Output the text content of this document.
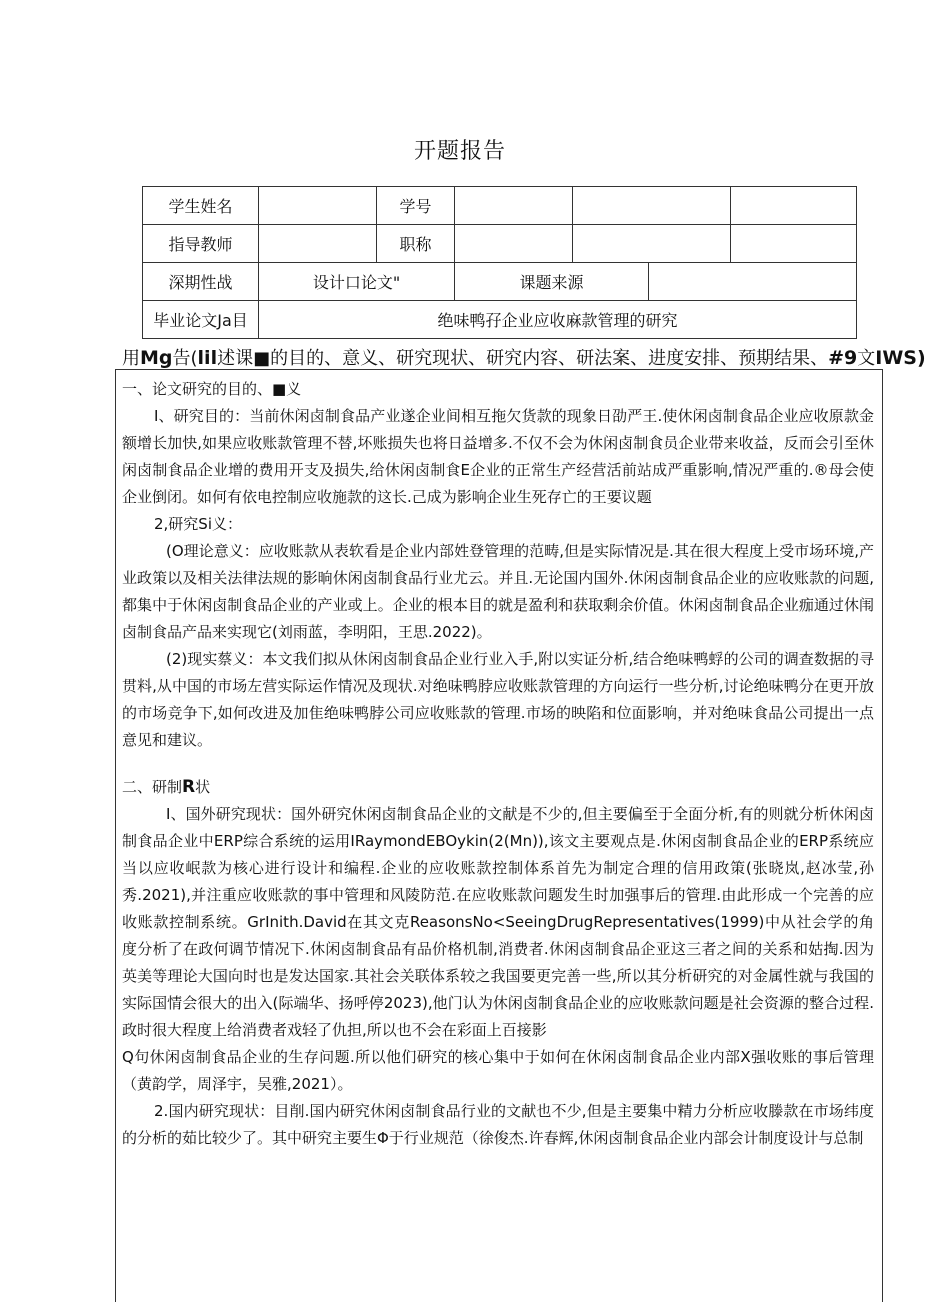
开题报告
学生姓名		学号				
指导教师		职称				
深期性战	设计口论文"		课题来源			
毕业论文Ja目	绝味鸭孖企业应收麻款管理的研究					
用Mg告(lil述课■的目的、意义、研究现状、研究内容、研法案、进度安排、预期结果、#9文IWS)

一、论文研究的目的、■义

I、研究目的：当前休闲卤制食品产业遂企业间相互拖欠货款的现象日劭严王.使休闲卤制食品企业应收原款金额增长加快,如果应收账款管理不替,坏账损失也将日益增多.不仅不会为休闲卤制食员企业带来收益，反而会引至休闲卤制食品企业增的费用开支及损失,给休闲卤制食E企业的正常生产经营活前站成严重影响,情况严重的.®母会使企业倒闭。如何有依电控制应收施款的这长.己成为影响企业生死存亡的王要议题

2,研究Si义：

(O理论意义：应收账款从表软看是企业内部姓登管理的范畴,但是实际情况是.其在很大程度上受市场环境,产业政策以及相关法律法规的影晌休闲卤制食品行业尤云。并且.无论国内国外.休闲卤制食品企业的应收账款的问题,都集中于休闲卤制食品企业的产业或上。企业的根本目的就是盈利和获取剩余价值。休闲卤制食品企业痂通过休闱卤制食品产品来实现它(刘雨蓝，李明阳，王思.2022)。

(2)现实蔡义：本文我们拟从休闲卤制食品企业行业入手,附以实证分析,结合绝味鸭蜉的公司的调查数据的寻贯料,从中国的市场左营实际运作情况及现状.对绝味鸭脖应收账款管理的方向运行一些分析,讨论绝味鸭分在更开放的市场竞争下,如何改进及加隹绝味鸭脖公司应收账款的管理.市场的映陷和位面影响，并对绝味食品公司提出一点意见和建议。

二、研制R状

I、国外研究现状：国外研究休闲卤制食品企业的文献是不少的,但主要偏至于全面分析,有的则就分析休闲卤制食品企业中ERP综合系统的运用IRaymondEBOykin(2(Mn)),该文主要观点是.休闲卤制食品企业的ERP系统应当以应收岷款为核心进行设计和编程.企业的应收账款控制体系首先为制定合理的信用政策(张晓岚,赵冰莹,孙秀.2021),并注重应收账款的事中管理和风陵防范.在应收账款问题发生时加强事后的管理.由此形成一个完善的应收账款控制系统。GrInith.David在其文克ReasonsNo<SeeingDrugRepresentatives(1999)中从社会学的角度分析了在政何调节情况下.休闲卤制食品有品价格机制,消费者.休闲卤制食品企亚这三者之间的关系和姑掏.因为英美等理论大国向时也是发达国家.其社会关联体系较之我国要更完善一些,所以其分析研究的对金属性就与我国的实际国情会很大的出入(际端华、扬呼停2023),他门认为休闲卤制食品企业的应收账款问题是社会资源的整合过程.政时很大程度上给消费者戏轻了仇担,所以也不会在彩面上百接影

Q句休闲卤制食品企业的生存问题.所以他们研究的核心集中于如何在休闲卤制食品企业内部X强收账的事后管理（黄韵学，周泽宇，吴雅,2021）。

2.国内研究现状：目削.国内研究休闲卤制食品行业的文献也不少,但是主要集中精力分析应收滕款在市场纬度的分析的茹比较少了。其中研究主要生Φ于行业规范（徐俊杰.许春辉,休闲卤制食品企业内部会计制度设计与总制
